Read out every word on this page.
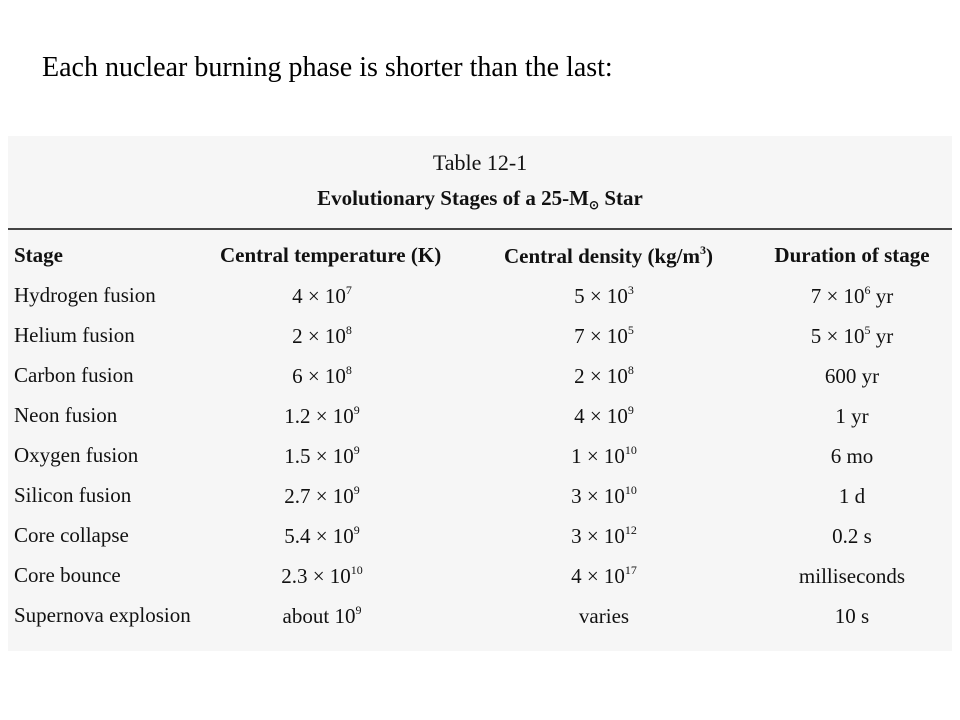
Each nuclear burning phase is shorter than the last:
Table 12-1
Evolutionary Stages of a $25-M_⊙$ Star
Stage	Central temperature (K)	Central density $(kg/m^3)$	Duration of stage
Hydrogen fusion	$4 \times 10^7$	$5 \times 10^3$	$7 \times 10^6$ yr
Helium fusion	$2 \times 10^8$	$7 \times 10^5$	$5 \times 10^5$ yr
Carbon fusion	$6 \times 10^8$	$2 \times 10^8$	600 yr
Neon fusion	$1.2 \times 10^9$	$4 \times 10^9$	1 yr
Oxygen fusion	$1.5 \times 10^9$	$1 \times 10^{10}$	6 mo
Silicon fusion	$2.7 \times 10^9$	$3 \times 10^{10}$	1 d
Core collapse	$5.4 \times 10^9$	$3 \times 10^{12}$	0.2 s
Core bounce	$2.3 \times 10^{10}$	$4 \times 10^{17}$	milliseconds
Supernova explosion	about $10^9$	varies	10 s
